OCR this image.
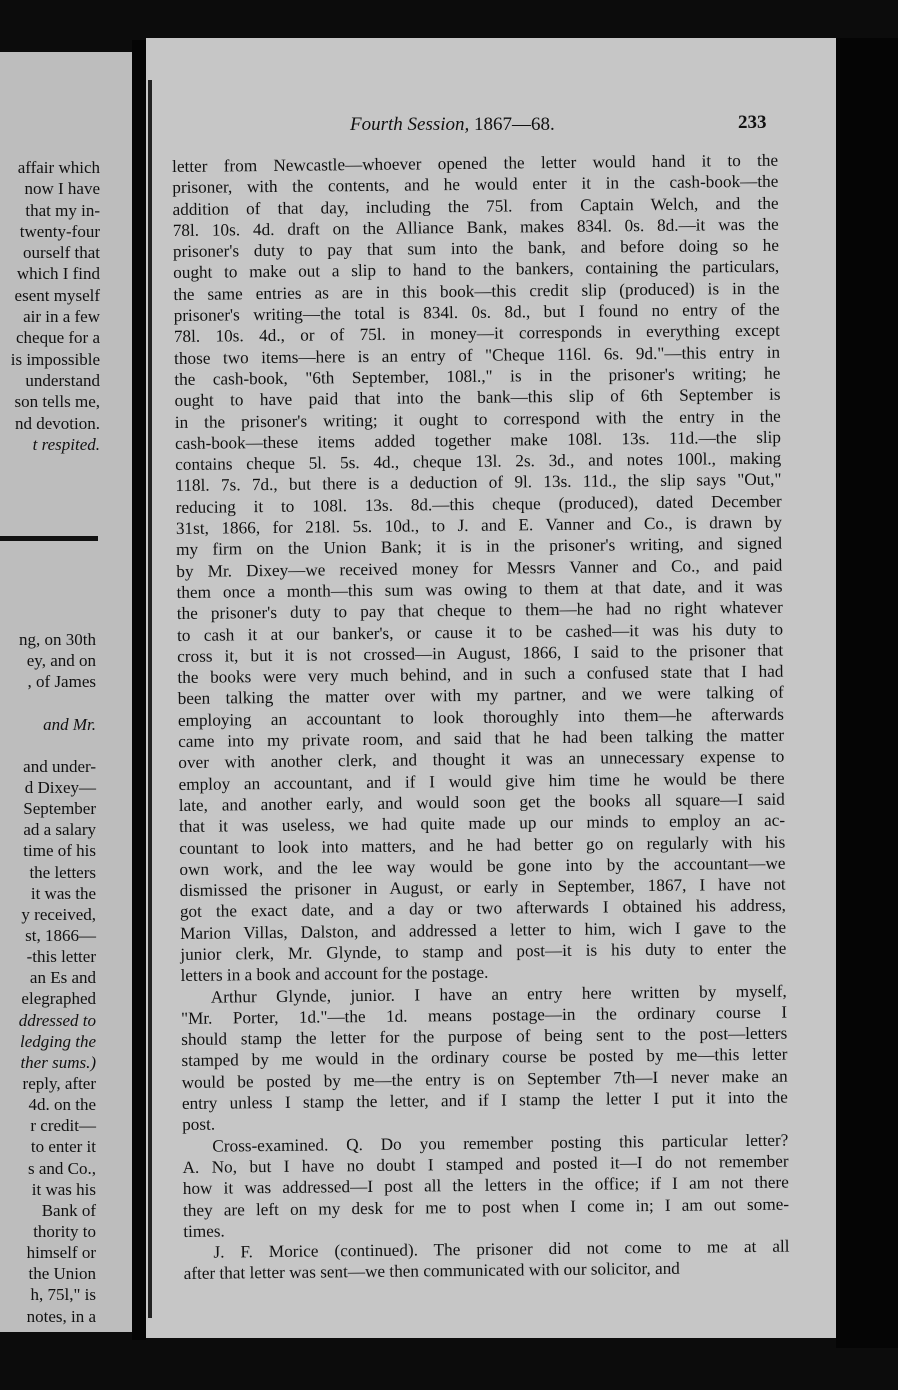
affair which
now I have
that my in-
twenty-four
ourself that
which I find
esent myself
air in a few
cheque for a
is impossible
understand
son tells me,
nd devotion.
t respited.
ng, on 30th
ey, and on
, of James
and Mr.
and under-
d Dixey—
September
ad a salary
time of his
the letters
it was the
y received,
st, 1866—
-this letter
an Es and
elegraphed
ddressed to
ledging the
ther sums.)
reply, after
4d. on the
r credit—
to enter it
s and Co.,
it was his
Bank of
thority to
himself or
the Union
h, 75l," is
notes, in a
Fourth Session, 1867—68.	233
letter from Newcastle—whoever opened the letter would hand it to the
prisoner, with the contents, and he would enter it in the cash-book—the
addition of that day, including the 75l. from Captain Welch, and the
78l. 10s. 4d. draft on the Alliance Bank, makes 834l. 0s. 8d.—it was the
prisoner's duty to pay that sum into the bank, and before doing so he
ought to make out a slip to hand to the bankers, containing the particulars,
the same entries as are in this book—this credit slip (produced) is in the
prisoner's writing—the total is 834l. 0s. 8d., but I found no entry of the
78l. 10s. 4d., or of 75l. in money—it corresponds in everything except
those two items—here is an entry of "Cheque 116l. 6s. 9d."—this entry in
the cash-book, "6th September, 108l.," is in the prisoner's writing; he
ought to have paid that into the bank—this slip of 6th September is
in the prisoner's writing; it ought to correspond with the entry in the
cash-book—these items added together make 108l. 13s. 11d.—the slip
contains cheque 5l. 5s. 4d., cheque 13l. 2s. 3d., and notes 100l., making
118l. 7s. 7d., but there is a deduction of 9l. 13s. 11d., the slip says "Out,"
reducing it to 108l. 13s. 8d.—this cheque (produced), dated December
31st, 1866, for 218l. 5s. 10d., to J. and E. Vanner and Co., is drawn by
my firm on the Union Bank; it is in the prisoner's writing, and signed
by Mr. Dixey—we received money for Messrs Vanner and Co., and paid
them once a month—this sum was owing to them at that date, and it was
the prisoner's duty to pay that cheque to them—he had no right whatever
to cash it at our banker's, or cause it to be cashed—it was his duty to
cross it, but it is not crossed—in August, 1866, I said to the prisoner that
the books were very much behind, and in such a confused state that I had
been talking the matter over with my partner, and we were talking of
employing an accountant to look thoroughly into them—he afterwards
came into my private room, and said that he had been talking the matter
over with another clerk, and thought it was an unnecessary expense to
employ an accountant, and if I would give him time he would be there
late, and another early, and would soon get the books all square—I said
that it was useless, we had quite made up our minds to employ an ac-
countant to look into matters, and he had better go on regularly with his
own work, and the lee way would be gone into by the accountant—we
dismissed the prisoner in August, or early in September, 1867, I have not
got the exact date, and a day or two afterwards I obtained his address,
Marion Villas, Dalston, and addressed a letter to him, wich I gave to the
junior clerk, Mr. Glynde, to stamp and post—it is his duty to enter the
letters in a book and account for the postage.
Arthur Glynde, junior. I have an entry here written by myself,
"Mr. Porter, 1d."—the 1d. means postage—in the ordinary course I
should stamp the letter for the purpose of being sent to the post—letters
stamped by me would in the ordinary course be posted by me—this letter
would be posted by me—the entry is on September 7th—I never make an
entry unless I stamp the letter, and if I stamp the letter I put it into the
post.
Cross-examined. Q. Do you remember posting this particular letter?
A. No, but I have no doubt I stamped and posted it—I do not remember
how it was addressed—I post all the letters in the office; if I am not there
they are left on my desk for me to post when I come in; I am out some-
times.
J. F. Morice (continued). The prisoner did not come to me at all
after that letter was sent—we then communicated with our solicitor, and
